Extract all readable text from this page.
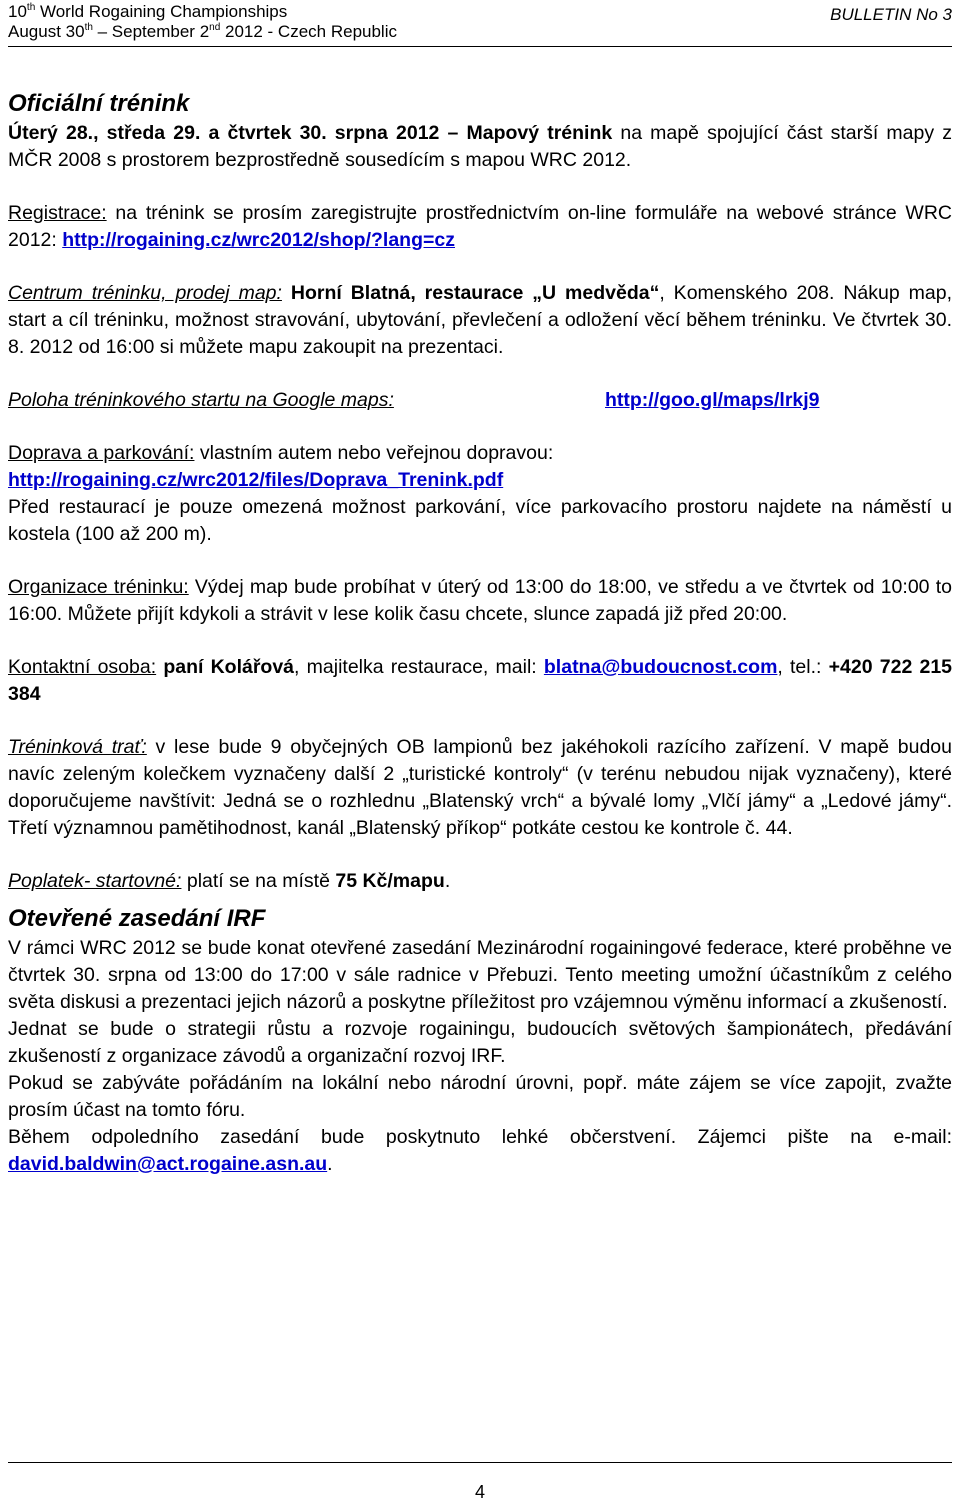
10th World Rogaining Championships
August 30th – September 2nd 2012 - Czech Republic
BULLETIN No 3
Oficiální trénink

Úterý 28., středa 29. a čtvrtek 30. srpna 2012 – Mapový trénink na mapě spojující část starší mapy z MČR 2008 s prostorem bezprostředně sousedícím s mapou WRC 2012.

Registrace: na trénink se prosím zaregistrujte prostřednictvím on-line formuláře na webové stránce WRC 2012: http://rogaining.cz/wrc2012/shop/?lang=cz

Centrum tréninku, prodej map: Horní Blatná, restaurace „U medvěda“, Komenského 208. Nákup map, start a cíl tréninku, možnost stravování, ubytování, převlečení a odložení věcí během tréninku. Ve čtvrtek 30. 8. 2012 od 16:00 si můžete mapu zakoupit na prezentaci.

Poloha tréninkového startu na Google maps:	http://goo.gl/maps/lrkj9

Doprava a parkování: vlastním autem nebo veřejnou dopravou:
http://rogaining.cz/wrc2012/files/Doprava_Trenink.pdf
Před restaurací je pouze omezená možnost parkování, více parkovacího prostoru najdete na náměstí u kostela (100 až 200 m).

Organizace tréninku: Výdej map bude probíhat v úterý od 13:00 do 18:00, ve středu a ve čtvrtek od 10:00 to 16:00. Můžete přijít kdykoli a strávit v lese kolik času chcete, slunce zapadá již před 20:00.

Kontaktní osoba: paní Kolářová, majitelka restaurace, mail: blatna@budoucnost.com, tel.: +420 722 215 384

Tréninková trať: v lese bude 9 obyčejných OB lampionů bez jakéhokoli razícího zařízení. V mapě budou navíc zeleným kolečkem vyznačeny další 2 „turistické kontroly“ (v terénu nebudou nijak vyznačeny), které doporučujeme navštívit: Jedná se o rozhlednu „Blatenský vrch“ a bývalé lomy „Vlčí jámy“ a „Ledové jámy“. Třetí významnou pamětihodnost, kanál „Blatenský příkop“ potkáte cestou ke kontrole č. 44.

Poplatek- startovné: platí se na místě 75 Kč/mapu.

Otevřené zasedání IRF

V rámci WRC 2012 se bude konat otevřené zasedání Mezinárodní rogainingové federace, které proběhne ve čtvrtek 30. srpna od 13:00 do 17:00 v sále radnice v Přebuzi. Tento meeting umožní účastníkům z celého světa diskusi a prezentaci jejich názorů a poskytne příležitost pro vzájemnou výměnu informací a zkušeností.

Jednat se bude o strategii růstu a rozvoje rogainingu, budoucích světových šampionátech, předávání zkušeností z organizace závodů a organizační rozvoj IRF.

Pokud se zabýváte pořádáním na lokální nebo národní úrovni, popř. máte zájem se více zapojit, zvažte prosím účast na tomto fóru.

Během odpoledního zasedání bude poskytnuto lehké občerstvení. Zájemci pište na e-mail: david.baldwin@act.rogaine.asn.au.

4
